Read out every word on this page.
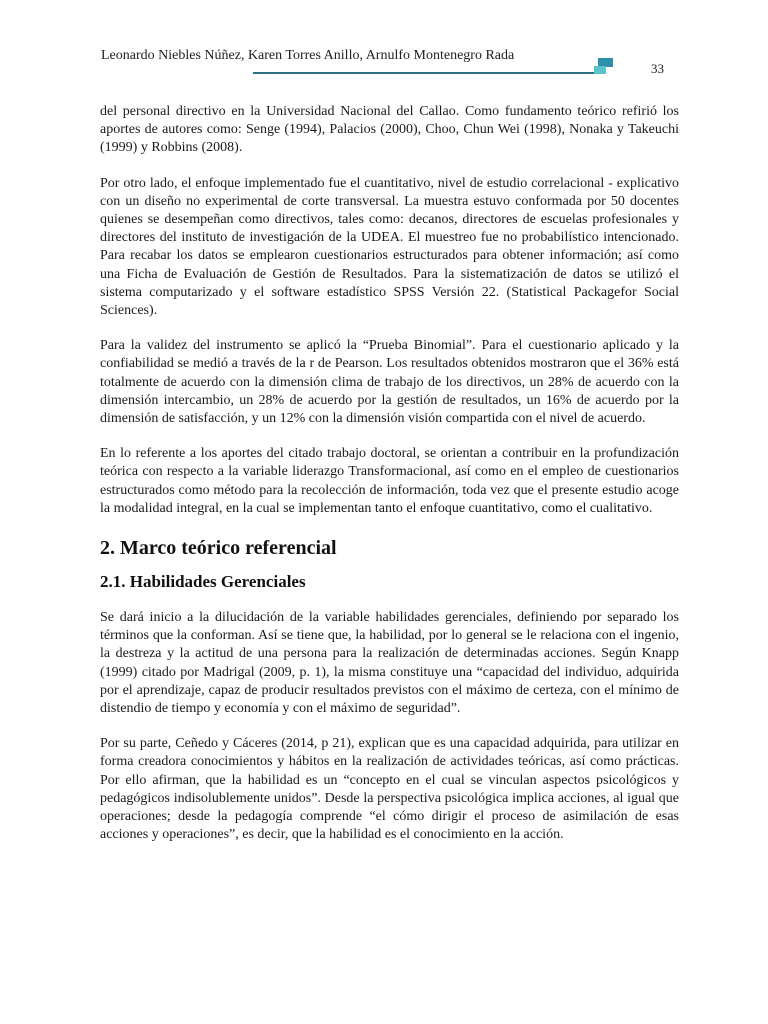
Leonardo Niebles Núñez, Karen Torres Anillo, Arnulfo Montenegro Rada
33

del personal directivo en la Universidad Nacional del Callao. Como fundamento teórico refirió los aportes de autores como: Senge (1994), Palacios (2000), Choo, Chun Wei (1998), Nonaka y Takeuchi (1999) y Robbins (2008).

Por otro lado, el enfoque implementado fue el cuantitativo, nivel de estudio correlacional - explicativo con un diseño no experimental de corte transversal. La muestra estuvo conformada por 50 docentes quienes se desempeñan como directivos, tales como: decanos, directores de escuelas profesionales y directores del instituto de investigación de la UDEA. El muestreo fue no probabilístico intencionado. Para recabar los datos se emplearon cuestionarios estructurados para obtener información; así como una Ficha de Evaluación de Gestión de Resultados. Para la sistematización de datos se utilizó el sistema computarizado y el software estadístico SPSS Versión 22. (Statistical Packagefor Social Sciences).

Para la validez del instrumento se aplicó la “Prueba Binomial”. Para el cuestionario aplicado y la confiabilidad se medió a través de la r de Pearson. Los resultados obtenidos mostraron que el 36% está totalmente de acuerdo con la dimensión clima de trabajo de los directivos, un 28% de acuerdo con la dimensión intercambio, un 28% de acuerdo por la gestión de resultados, un 16% de acuerdo por la dimensión de satisfacción, y un 12% con la dimensión visión compartida con el nivel de acuerdo.

En lo referente a los aportes del citado trabajo doctoral, se orientan a contribuir en la profundización teórica con respecto a la variable liderazgo Transformacional, así como en el empleo de cuestionarios estructurados como método para la recolección de información, toda vez que el presente estudio acoge la modalidad integral, en la cual se implementan tanto el enfoque cuantitativo, como el cualitativo.

2. Marco teórico referencial
2.1. Habilidades Gerenciales

Se dará inicio a la dilucidación de la variable habilidades gerenciales, definiendo por separado los términos que la conforman. Así se tiene que, la habilidad, por lo general se le relaciona con el ingenio, la destreza y la actitud de una persona para la realización de determinadas acciones. Según Knapp (1999) citado por Madrigal (2009, p. 1), la misma constituye una “capacidad del individuo, adquirida por el aprendizaje, capaz de producir resultados previstos con el máximo de certeza, con el mínimo de distendio de tiempo y economía y con el máximo de seguridad”.

Por su parte, Ceñedo y Cáceres (2014, p 21), explican que es una capacidad adquirida, para utilizar en forma creadora conocimientos y hábitos en la realización de actividades teóricas, así como prácticas. Por ello afirman, que la habilidad es un “concepto en el cual se vinculan aspectos psicológicos y pedagógicos indisolublemente unidos”. Desde la perspectiva psicológica implica acciones, al igual que operaciones; desde la pedagogía comprende “el cómo dirigir el proceso de asimilación de esas acciones y operaciones”, es decir, que la habilidad es el conocimiento en la acción.
